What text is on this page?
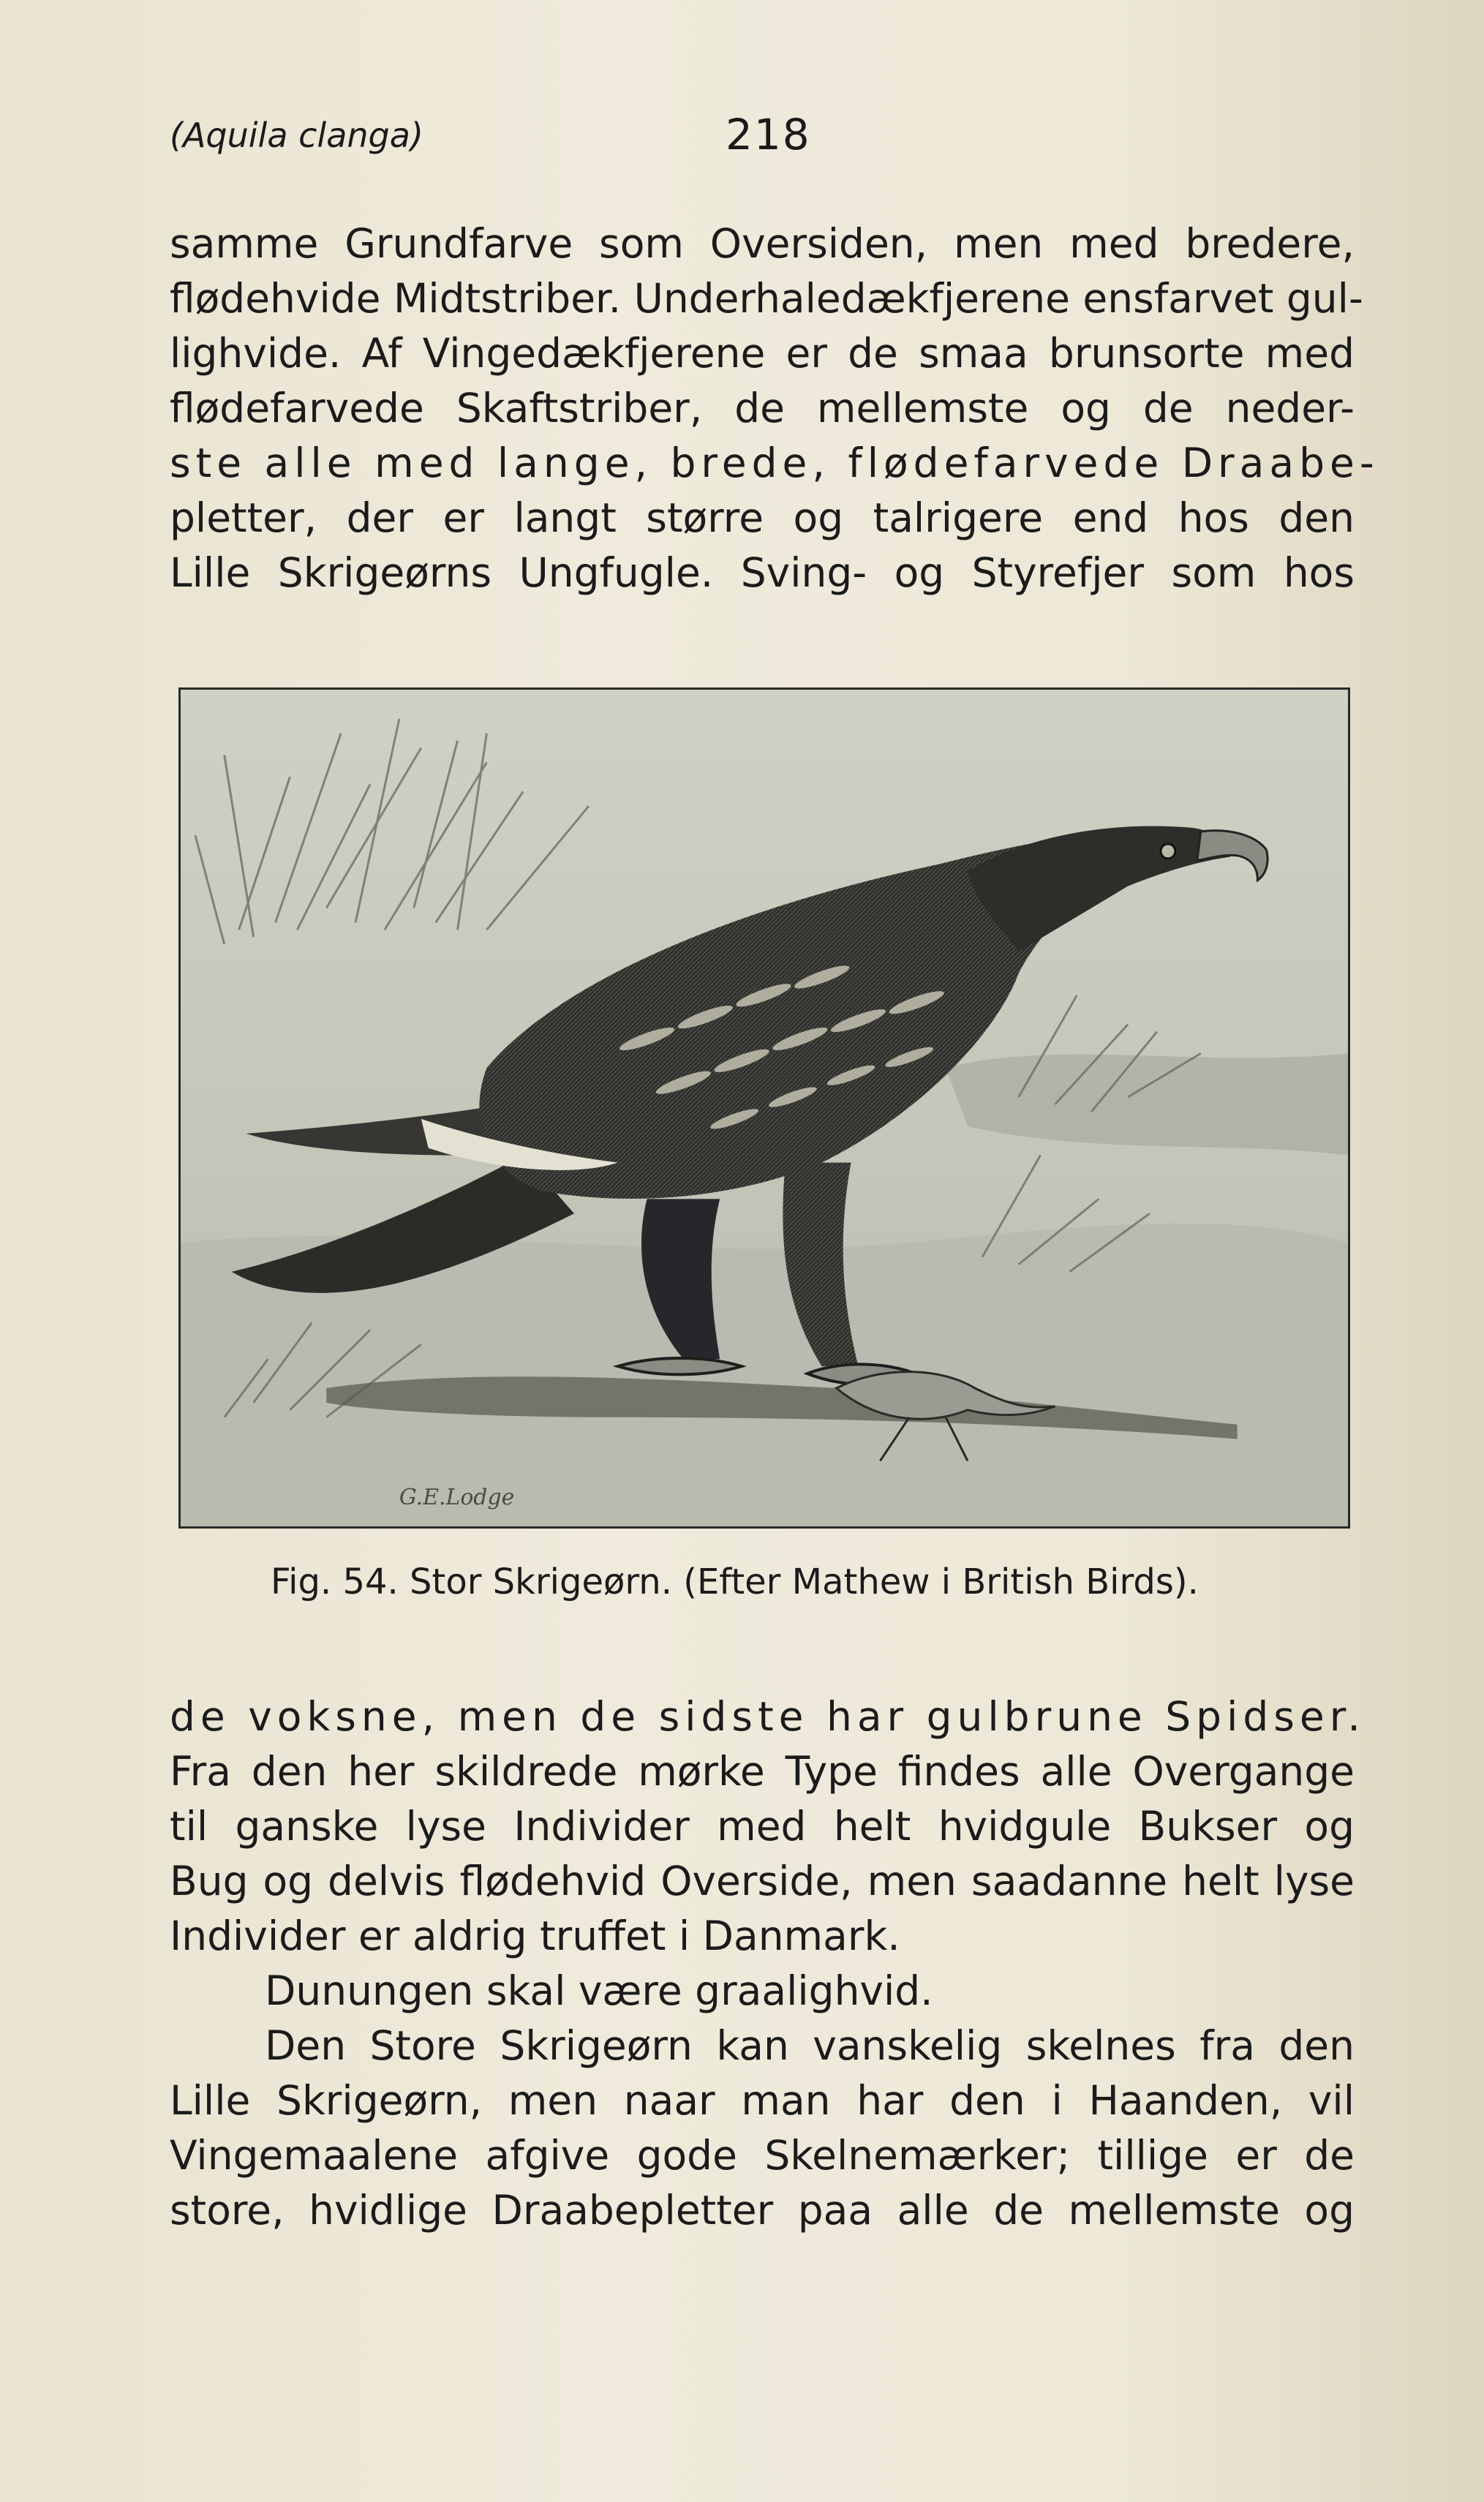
(Aquila clanga)	218
samme Grundfarve som Oversiden, men med bredere,
flødehvide Midtstriber. Underhaledækfjerene ensfarvet gul-
lighvide. Af Vingedækfjerene er de smaa brunsorte med
flødefarvede Skaftstriber, de mellemste og de neder-
ste alle med lange, brede, flødefarvede Draabe-
pletter, der er langt større og talrigere end hos den
Lille Skrigeørns Ungfugle. Sving- og Styrefjer som hos
G.E.Lodge
Fig. 54. Stor Skrigeørn. (Efter Mathew i British Birds).
de voksne, men de sidste har gulbrune Spidser.
Fra den her skildrede mørke Type findes alle Overgange
til ganske lyse Individer med helt hvidgule Bukser og
Bug og delvis flødehvid Overside, men saadanne helt lyse
Individer er aldrig truffet i Danmark.
Dunungen skal være graalighvid.
Den Store Skrigeørn kan vanskelig skelnes fra den
Lille Skrigeørn, men naar man har den i Haanden, vil
Vingemaalene afgive gode Skelnemærker; tillige er de
store, hvidlige Draabepletter paa alle de mellemste og
